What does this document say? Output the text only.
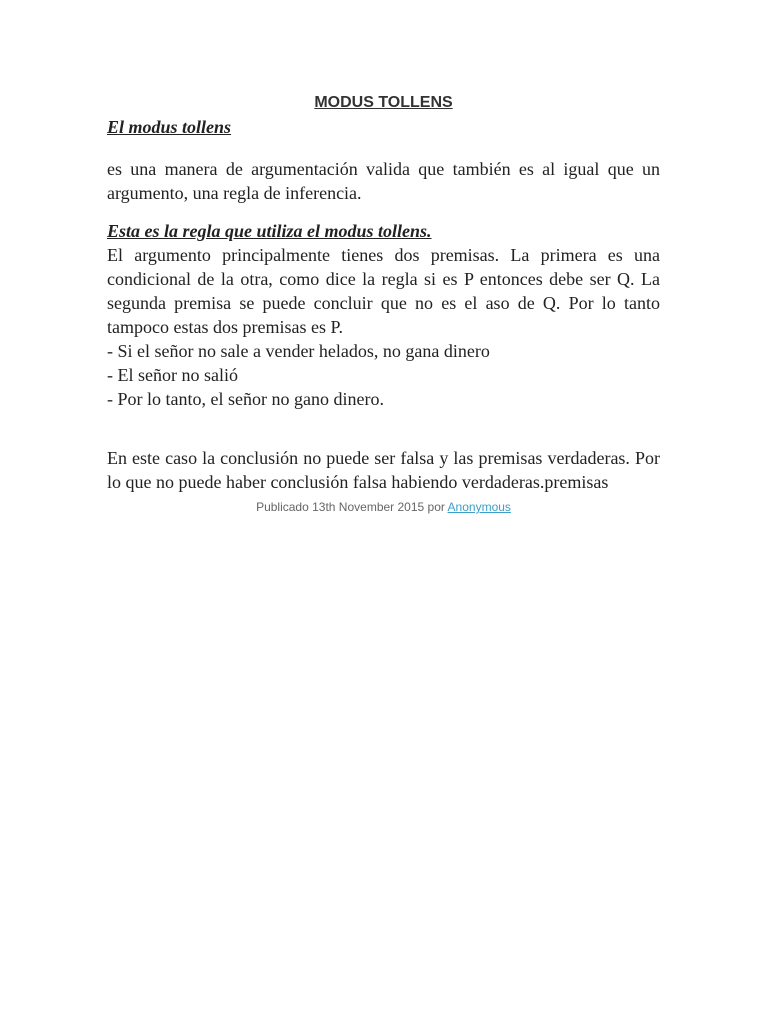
MODUS TOLLENS
El modus tollens

es una manera de argumentación valida que también es al igual que un argumento, una regla de inferencia.

Esta es la regla que utiliza el modus tollens.

El argumento principalmente tienes dos premisas. La primera es una condicional de la otra, como dice la regla si es P entonces debe ser Q. La segunda premisa se puede concluir que no es el aso de Q. Por lo tanto tampoco estas dos premisas es P.

- Si el señor no sale a vender helados, no gana dinero
- El señor no salió
- Por lo tanto, el señor no gano dinero.

En este caso la conclusión no puede ser falsa y las premisas verdaderas. Por lo que no puede haber conclusión falsa habiendo verdaderas.premisas

Publicado 13th November 2015 por Anonymous
